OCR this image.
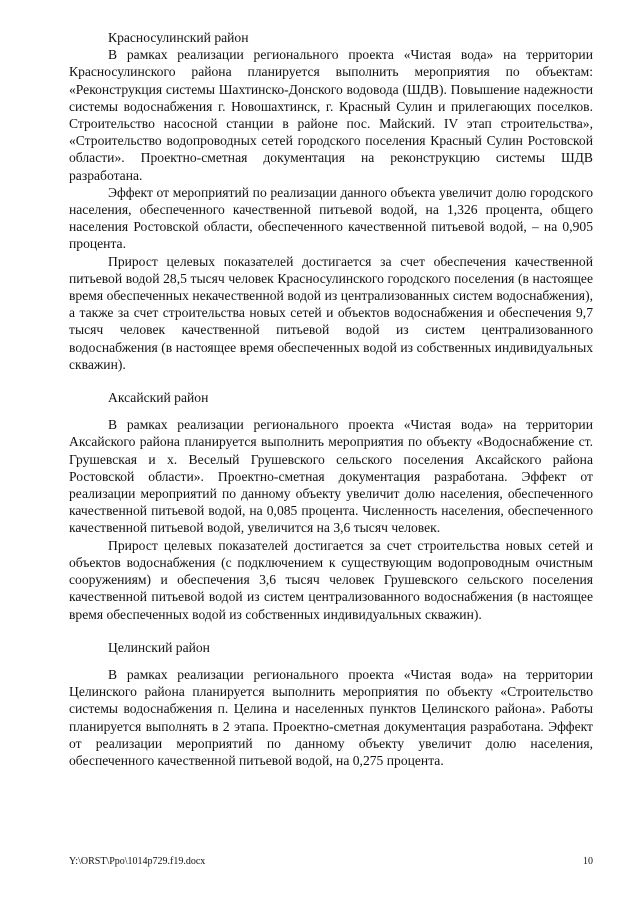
Красносулинский район

В рамках реализации регионального проекта «Чистая вода» на территории Красносулинского района планируется выполнить мероприятия по объектам: «Реконструкция системы Шахтинско-Донского водовода (ШДВ). Повышение надежности системы водоснабжения г. Новошахтинск, г. Красный Сулин и прилегающих поселков. Строительство насосной станции в районе пос. Майский. IV этап строительства», «Строительство водопроводных сетей городского поселения Красный Сулин Ростовской области». Проектно-сметная документация на реконструкцию системы ШДВ разработана.

Эффект от мероприятий по реализации данного объекта увеличит долю городского населения, обеспеченного качественной питьевой водой, на 1,326 процента, общего населения Ростовской области, обеспеченного качественной питьевой водой, – на 0,905 процента.

Прирост целевых показателей достигается за счет обеспечения качественной питьевой водой 28,5 тысяч человек Красносулинского городского поселения (в настоящее время обеспеченных некачественной водой из централизованных систем водоснабжения), а также за счет строительства новых сетей и объектов водоснабжения и обеспечения 9,7 тысяч человек качественной питьевой водой из систем централизованного водоснабжения (в настоящее время обеспеченных водой из собственных индивидуальных скважин).

Аксайский район

В рамках реализации регионального проекта «Чистая вода» на территории Аксайского района планируется выполнить мероприятия по объекту «Водоснабжение ст. Грушевская и х. Веселый Грушевского сельского поселения Аксайского района Ростовской области». Проектно-сметная документация разработана. Эффект от реализации мероприятий по данному объекту увеличит долю населения, обеспеченного качественной питьевой водой, на 0,085 процента. Численность населения, обеспеченного качественной питьевой водой, увеличится на 3,6 тысяч человек.

Прирост целевых показателей достигается за счет строительства новых сетей и объектов водоснабжения (с подключением к существующим водопроводным очистным сооружениям) и обеспечения 3,6 тысяч человек Грушевского сельского поселения качественной питьевой водой из систем централизованного водоснабжения (в настоящее время обеспеченных водой из собственных индивидуальных скважин).

Целинский район

В рамках реализации регионального проекта «Чистая вода» на территории Целинского района планируется выполнить мероприятия по объекту «Строительство системы водоснабжения п. Целина и населенных пунктов Целинского района». Работы планируется выполнять в 2 этапа. Проектно-сметная документация разработана. Эффект от реализации мероприятий по данному объекту увеличит долю населения, обеспеченного качественной питьевой водой, на 0,275 процента.

Y:\ORST\Ppo\1014p729.f19.docx	10
